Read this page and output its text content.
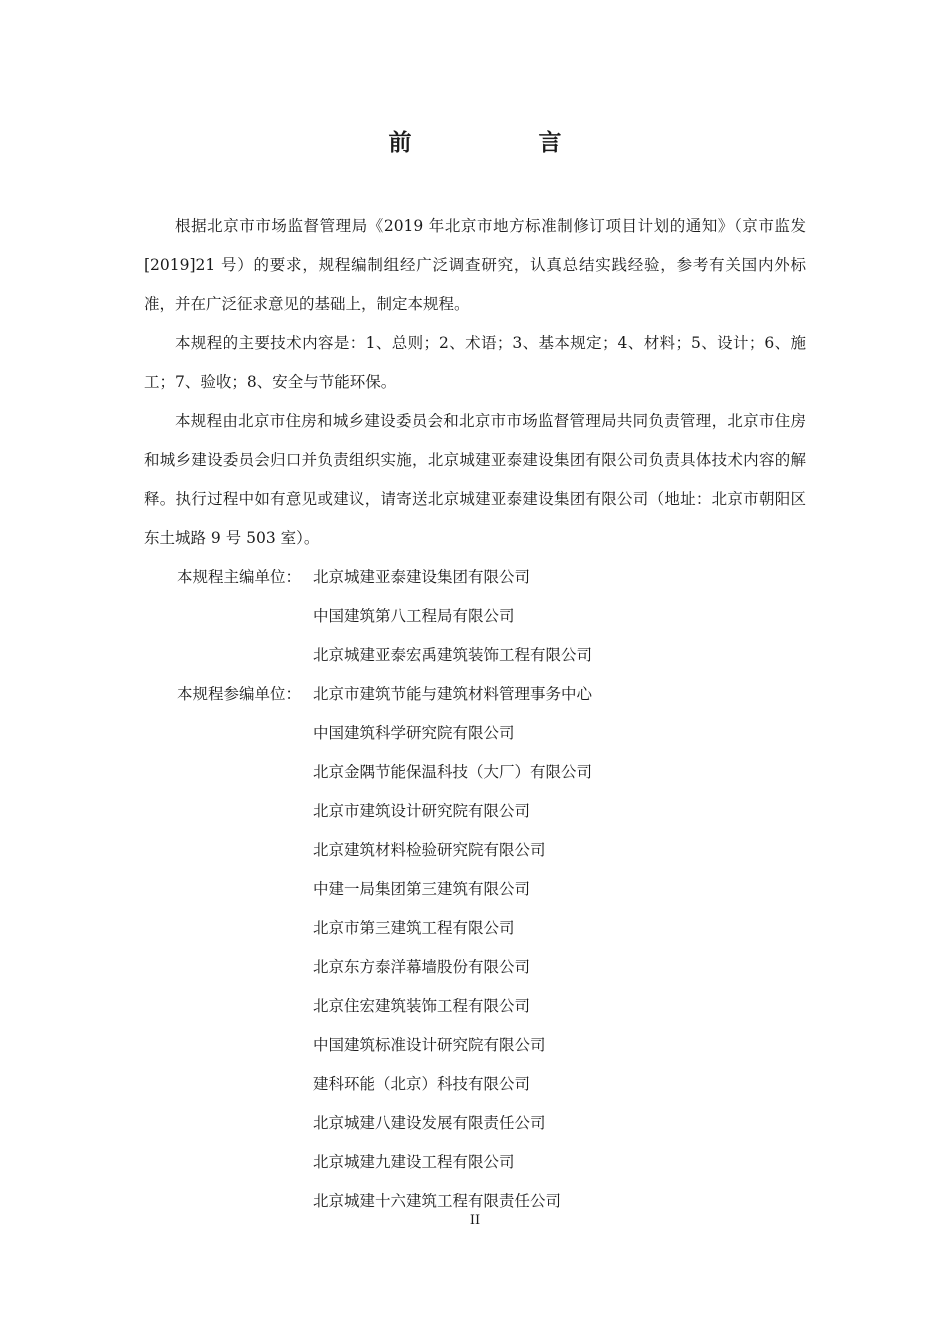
前　言

根据北京市市场监督管理局《2019 年北京市地方标准制修订项目计划的通知》（京市监发[2019]21 号）的要求，规程编制组经广泛调查研究，认真总结实践经验，参考有关国内外标准，并在广泛征求意见的基础上，制定本规程。

本规程的主要技术内容是：1、总则；2、术语；3、基本规定；4、材料；5、设计；6、施工；7、验收；8、安全与节能环保。

本规程由北京市住房和城乡建设委员会和北京市市场监督管理局共同负责管理，北京市住房和城乡建设委员会归口并负责组织实施，北京城建亚泰建设集团有限公司负责具体技术内容的解释。执行过程中如有意见或建议，请寄送北京城建亚泰建设集团有限公司（地址：北京市朝阳区东土城路 9 号 503 室）。

本规程主编单位： 北京城建亚泰建设集团有限公司
中国建筑第八工程局有限公司
北京城建亚泰宏禹建筑装饰工程有限公司
本规程参编单位： 北京市建筑节能与建筑材料管理事务中心
中国建筑科学研究院有限公司
北京金隅节能保温科技（大厂）有限公司
北京市建筑设计研究院有限公司
北京建筑材料检验研究院有限公司
中建一局集团第三建筑有限公司
北京市第三建筑工程有限公司
北京东方泰洋幕墙股份有限公司
北京住宏建筑装饰工程有限公司
中国建筑标准设计研究院有限公司
建科环能（北京）科技有限公司
北京城建八建设发展有限责任公司
北京城建九建设工程有限公司
北京城建十六建筑工程有限责任公司
II
